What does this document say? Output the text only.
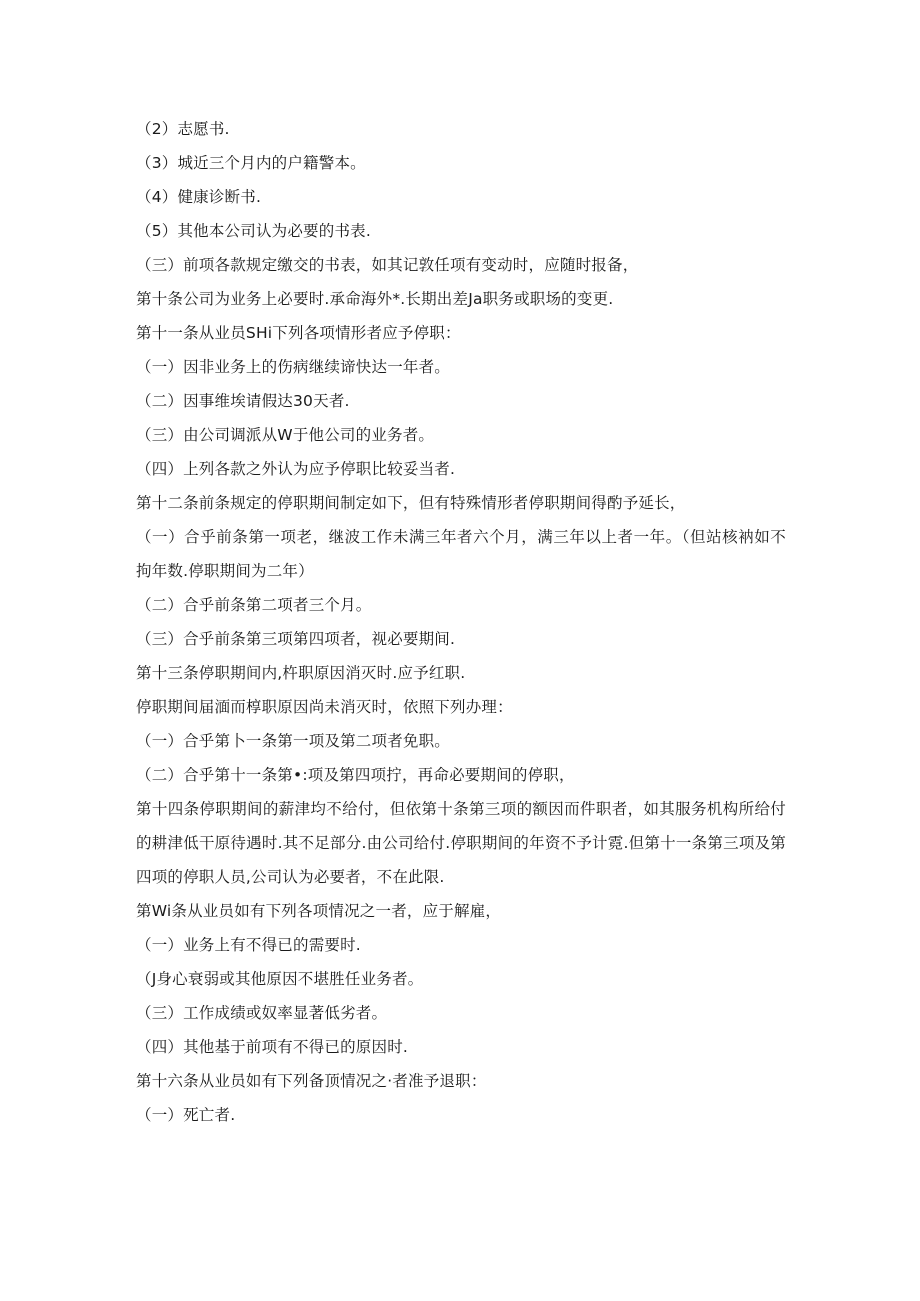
（2）志愿书.

（3）城近三个月内的户籍警本。

（4）健康诊断书.

（5）其他本公司认为必要的书表.

（三）前项各款规定缴交的书表，如其记敦任项有变动时，应随时报备，

第十条公司为业务上必要时.承命海外*.长期出差Ja职务或职场的变更.

第十一条从业员SHi下列各项情形者应予停职：

（一）因非业务上的伤病继续谛快达一年者。

（二）因事维埃请假达30天者.

（三）由公司调派从W于他公司的业务者。

（四）上列各款之外认为应予停职比较妥当者.

第十二条前条规定的停职期间制定如下，但有特殊情形者停职期间得酌予延长，

（一）合乎前条第一项老，继波工作未满三年者六个月，满三年以上者一年。（但站核衲如不拘年数.停职期间为二年）

（二）合乎前条第二项者三个月。

（三）合乎前条第三项第四项者，视必要期间.

第十三条停职期间内,杵职原因消灭时.应予红职.

停职期间届湎而椁职原因尚未消灭时，依照下列办理：

（一）合乎第卜一条第一项及第二项者免职。

（二）合乎第十一条第•:项及第四项拧，再命必要期间的停职，

第十四条停职期间的薪津均不给付，但依第十条第三项的额因而件职者，如其服务机构所给付的耕津低干原待遇时.其不足部分.由公司给付.停职期间的年资不予计霓.但第十一条第三项及第四项的停职人员,公司认为必要者，不在此限.

第Wi条从业员如有下列各项情况之一者，应于解雇，

（一）业务上有不得已的需要时.

（J身心衰弱或其他原因不堪胜任业务者。

（三）工作成绩或奴率显著低劣者。

（四）其他基于前项有不得已的原因时.

第十六条从业员如有下列备顶情况之·者准予退职：

（一）死亡者.
